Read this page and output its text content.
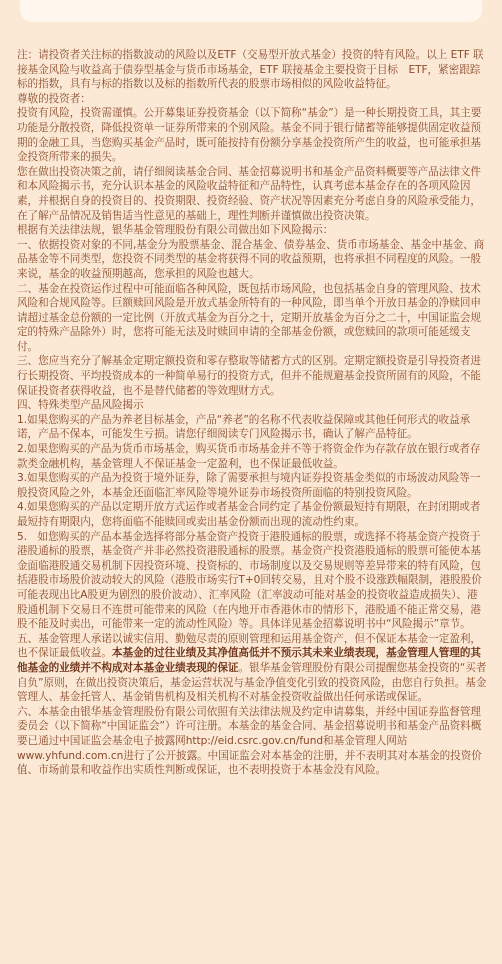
注：请投资者关注标的指数波动的风险以及ETF（交易型开放式基金）投资的特有风险。以上 ETF 联接基金风险与收益高于债券型基金与货币市场基金，ETF 联接基金主要投资于目标　ETF，紧密跟踪标的指数，具有与标的指数以及标的指数所代表的股票市场相似的风险收益特征。

尊敬的投资者：

投资有风险，投资需谨慎。公开募集证券投资基金（以下简称“基金”）是一种长期投资工具，其主要功能是分散投资，降低投资单一证券所带来的个别风险。基金不同于银行储蓄等能够提供固定收益预期的金融工具，当您购买基金产品时，既可能按持有份额分享基金投资所产生的收益，也可能承担基金投资所带来的损失。

您在做出投资决策之前，请仔细阅读基金合同、基金招募说明书和基金产品资料概要等产品法律文件和本风险揭示书，充分认识本基金的风险收益特征和产品特性，认真考虑本基金存在的各项风险因素，并根据自身的投资目的、投资期限、投资经验、资产状况等因素充分考虑自身的风险承受能力，在了解产品情况及销售适当性意见的基础上，理性判断并谨慎做出投资决策。

根据有关法律法规，银华基金管理股份有限公司做出如下风险揭示：

一、依据投资对象的不同,基金分为股票基金、混合基金、债券基金、货币市场基金、基金中基金、商品基金等不同类型，您投资不同类型的基金将获得不同的收益预期，也将承担不同程度的风险。一般来说，基金的收益预期越高，您承担的风险也越大。

二、基金在投资运作过程中可能面临各种风险，既包括市场风险，也包括基金自身的管理风险、技术风险和合规风险等。巨额赎回风险是开放式基金所特有的一种风险，即当单个开放日基金的净赎回申请超过基金总份额的一定比例（开放式基金为百分之十，定期开放基金为百分之二十，中国证监会规定的特殊产品除外）时，您将可能无法及时赎回申请的全部基金份额，或您赎回的款项可能延缓支付。

三、您应当充分了解基金定期定额投资和零存整取等储蓄方式的区别。定期定额投资是引导投资者进行长期投资、平均投资成本的一种简单易行的投资方式，但并不能规避基金投资所固有的风险，不能保证投资者获得收益，也不是替代储蓄的等效理财方式。

四、特殊类型产品风险揭示

1.如果您购买的产品为养老目标基金，产品“养老”的名称不代表收益保障或其他任何形式的收益承诺，产品不保本，可能发生亏损。请您仔细阅读专门风险揭示书，确认了解产品特征。

2.如果您购买的产品为货币市场基金，购买货币市场基金并不等于将资金作为存款存放在银行或者存款类金融机构，基金管理人不保证基金一定盈利，也不保证最低收益。

3.如果您购买的产品为投资于境外证券，除了需要承担与境内证券投资基金类似的市场波动风险等一般投资风险之外，本基金还面临汇率风险等境外证券市场投资所面临的特别投资风险。

4.如果您购买的产品以定期开放方式运作或者基金合同约定了基金份额最短持有期限，在封闭期或者最短持有期限内，您将面临不能赎回或卖出基金份额而出现的流动性约束。

5.　如您购买的产品本基金选择将部分基金资产投资于港股通标的股票，或选择不将基金资产投资于港股通标的股票，基金资产并非必然投资港股通标的股票。基金资产投资港股通标的股票可能使本基金面临港股通交易机制下因投资环境、投资标的、市场制度以及交易规则等差异带来的特有风险，包括港股市场股价波动较大的风险（港股市场实行T+0回转交易，且对个股不设涨跌幅限制，港股股价可能表现出比A股更为剧烈的股价波动）、汇率风险（汇率波动可能对基金的投资收益造成损失）、港股通机制下交易日不连贯可能带来的风险（在内地开市香港休市的情形下，港股通不能正常交易，港股不能及时卖出，可能带来一定的流动性风险）等。具体详见基金招募说明书中“风险揭示”章节。

五、基金管理人承诺以诚实信用、勤勉尽责的原则管理和运用基金资产，但不保证本基金一定盈利，也不保证最低收益。本基金的过往业绩及其净值高低并不预示其未来业绩表现，基金管理人管理的其他基金的业绩并不构成对本基金业绩表现的保证。银华基金管理股份有限公司提醒您基金投资的“买者自负”原则，在做出投资决策后，基金运营状况与基金净值变化引致的投资风险，由您自行负担。基金管理人、基金托管人、基金销售机构及相关机构不对基金投资收益做出任何承诺或保证。

六、本基金由银华基金管理股份有限公司依照有关法律法规及约定申请募集，并经中国证券监督管理委员会（以下简称“中国证监会”）许可注册。本基金的基金合同、基金招募说明书和基金产品资料概要已通过中国证监会基金电子披露网http://eid.csrc.gov.cn/fund和基金管理人网站www.yhfund.com.cn进行了公开披露。中国证监会对本基金的注册，并不表明其对本基金的投资价值、市场前景和收益作出实质性判断或保证，也不表明投资于本基金没有风险。
